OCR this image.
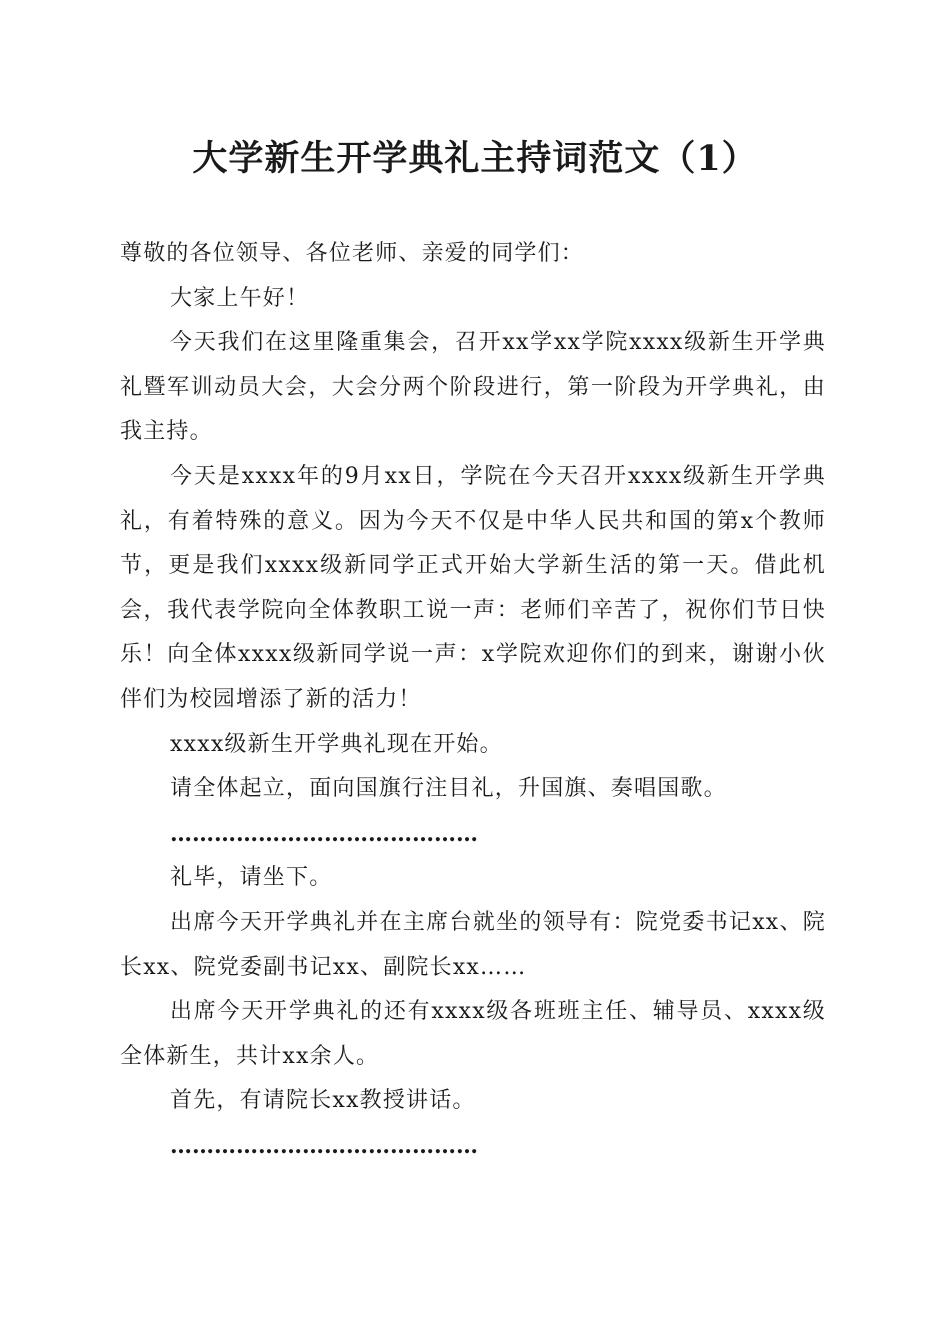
大学新生开学典礼主持词范文（1）

尊敬的各位领导、各位老师、亲爱的同学们：

大家上午好！

今天我们在这里隆重集会，召开xx学xx学院xxxx级新生开学典礼暨军训动员大会，大会分两个阶段进行，第一阶段为开学典礼，由我主持。

今天是xxxx年的9月xx日，学院在今天召开xxxx级新生开学典礼，有着特殊的意义。因为今天不仅是中华人民共和国的第x个教师节，更是我们xxxx级新同学正式开始大学新生活的第一天。借此机会，我代表学院向全体教职工说一声：老师们辛苦了，祝你们节日快乐！向全体xxxx级新同学说一声：x学院欢迎你们的到来，谢谢小伙伴们为校园增添了新的活力！

xxxx级新生开学典礼现在开始。

请全体起立，面向国旗行注目礼，升国旗、奏唱国歌。

……………………………………

礼毕，请坐下。

出席今天开学典礼并在主席台就坐的领导有：院党委书记xx、院长xx、院党委副书记xx、副院长xx……

出席今天开学典礼的还有xxxx级各班班主任、辅导员、xxxx级全体新生，共计xx余人。

首先，有请院长xx教授讲话。

……………………………………
